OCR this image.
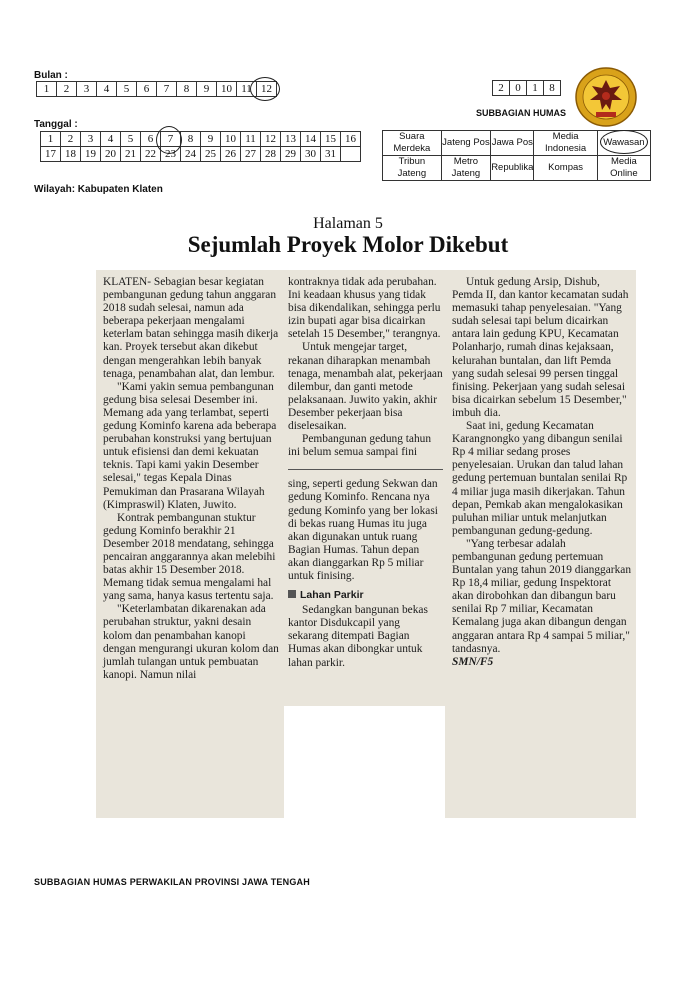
Bulan :
1	2	3	4	5	6	7	8	9	10	11	12
Tanggal :
1	2	3	4	5	6	7	8	9	10	11	12	13	14	15	16
17	18	19	20	21	22	23	24	25	26	27	28	29	30	31	
Wilayah: Kabupaten Klaten
2	0	1	8
SUBBAGIAN HUMAS
Suara Merdeka	Jateng Pos	Jawa Pos	Media Indonesia	Wawasan

Tribun Jateng	Metro Jateng	Republika	Kompas	Media Online
Halaman 5
Sejumlah Proyek Molor Dikebut

KLATEN- Sebagian besar kegiatan pembangunan gedung tahun anggaran 2018 sudah selesai, namun ada beberapa pekerjaan mengalami keterlam batan sehingga masih dikerja kan. Proyek tersebut akan dikebut dengan mengerahkan lebih banyak tenaga, penambahan alat, dan lembur.

"Kami yakin semua pembangunan gedung bisa selesai Desember ini. Memang ada yang terlambat, seperti gedung Kominfo karena ada beberapa perubahan konstruksi yang bertujuan untuk efisiensi dan demi kekuatan teknis. Tapi kami yakin Desember selesai," tegas Kepala Dinas Pemukiman dan Prasarana Wilayah (Kimpraswil) Klaten, Juwito.

Kontrak pembangunan stuktur gedung Kominfo berakhir 21 Desember 2018 mendatang, sehingga pencairan anggarannya akan melebihi batas akhir 15 Desember 2018. Memang tidak semua mengalami hal yang sama, hanya kasus tertentu saja.

"Keterlambatan dikarenakan ada perubahan struktur, yakni desain kolom dan penambahan kanopi dengan mengurangi ukuran kolom dan jumlah tulangan untuk pembuatan kanopi. Namun nilai

kontraknya tidak ada perubahan. Ini keadaan khusus yang tidak bisa dikendalikan, sehingga perlu izin bupati agar bisa dicairkan setelah 15 Desember," terangnya.

Untuk mengejar target, rekanan diharapkan menambah tenaga, menambah alat, pekerjaan dilembur, dan ganti metode pelaksanaan. Juwito yakin, akhir Desember pekerjaan bisa diselesaikan.

Pembangunan gedung tahun ini belum semua sampai fini

sing, seperti gedung Sekwan dan gedung Kominfo. Rencana nya gedung Kominfo yang ber lokasi di bekas ruang Humas itu juga akan digunakan untuk ruang Bagian Humas. Tahun depan akan dianggarkan Rp 5 miliar untuk finising.

Lahan Parkir

Sedangkan bangunan bekas kantor Disdukcapil yang sekarang ditempati Bagian Humas akan dibongkar untuk lahan parkir.

Untuk gedung Arsip, Dishub, Pemda II, dan kantor kecamatan sudah memasuki tahap penyelesaian. "Yang sudah selesai tapi belum dicairkan antara lain gedung KPU, Kecamatan Polanharjo, rumah dinas kejaksaan, kelurahan buntalan, dan lift Pemda yang sudah selesai 99 persen tinggal finising. Pekerjaan yang sudah selesai bisa dicairkan sebelum 15 Desember," imbuh dia.

Saat ini, gedung Kecamatan Karangnongko yang dibangun senilai Rp 4 miliar sedang proses penyelesaian. Urukan dan talud lahan gedung pertemuan buntalan senilai Rp 4 miliar juga masih dikerjakan. Tahun depan, Pemkab akan mengalokasikan puluhan miliar untuk melanjutkan pembangunan gedung-gedung.

"Yang terbesar adalah pembangunan gedung pertemuan Buntalan yang tahun 2019 dianggarkan Rp 18,4 miliar, gedung Inspektorat akan dirobohkan dan dibangun baru senilai Rp 7 miliar, Kecamatan Kemalang juga akan dibangun dengan anggaran antara Rp 4 sampai 5 miliar," tandasnya.

SMN/F5

SUBBAGIAN HUMAS PERWAKILAN PROVINSI JAWA TENGAH
